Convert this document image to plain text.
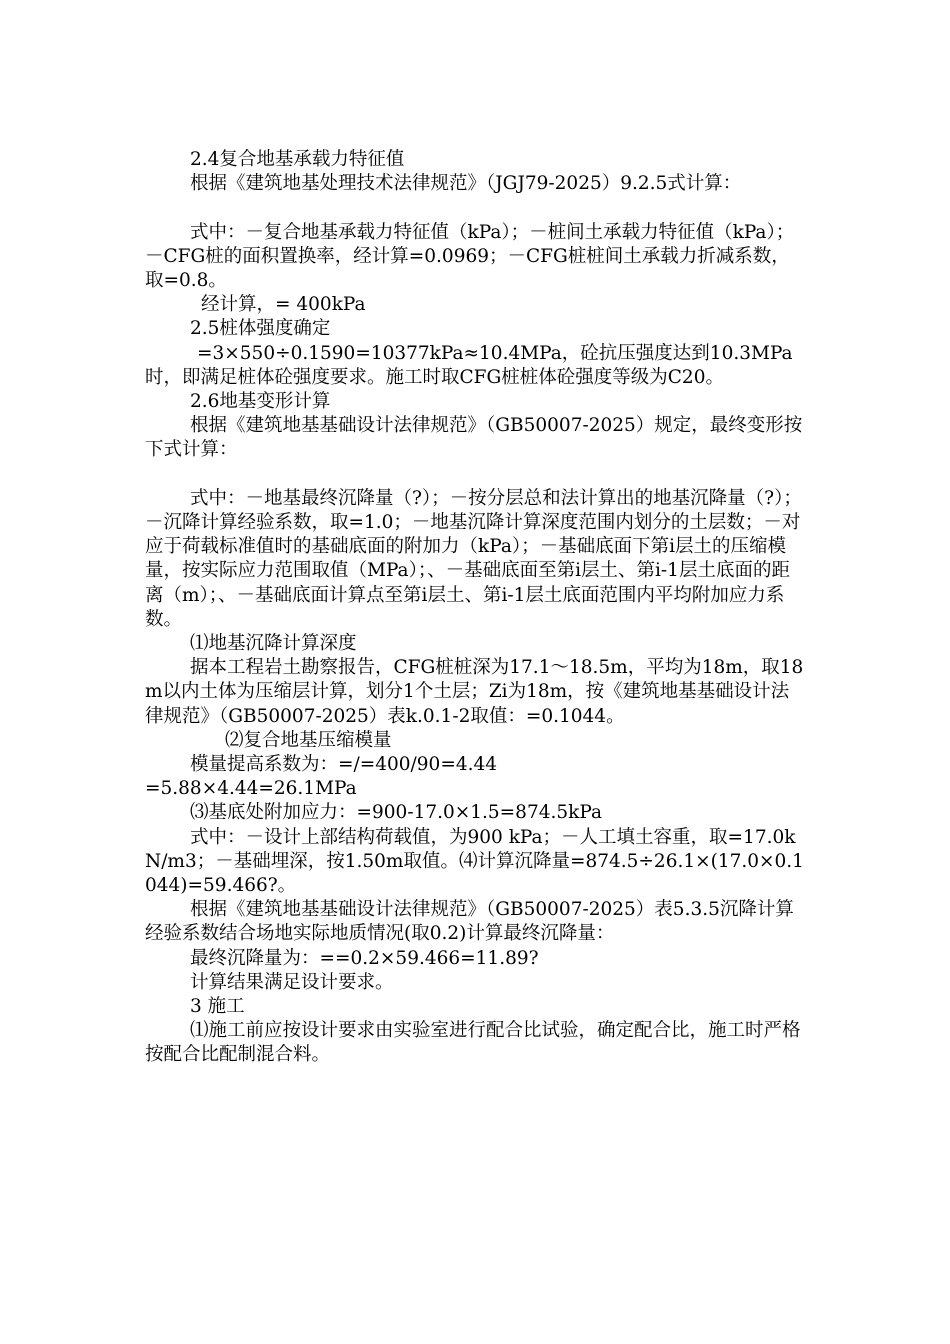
2.4复合地基承载力特征值

根据《建筑地基处理技术法律规范》（JGJ79-2025）9.2.5式计算：

式中：－复合地基承载力特征值（kPa）；－桩间土承载力特征值（kPa）； －CFG桩的面积置换率，经计算=0.0969；－CFG桩桩间土承载力折减系数，取=0.8。

经计算，= 400kPa

2.5桩体强度确定

=3×550÷0.1590=10377kPa≈10.4MPa，砼抗压强度达到10.3MPa时，即满足桩体砼强度要求。施工时取CFG桩桩体砼强度等级为C20。

2.6地基变形计算

根据《建筑地基基础设计法律规范》（GB50007-2025）规定，最终变形按下式计算：

式中：－地基最终沉降量（?）；－按分层总和法计算出的地基沉降量（?）；－沉降计算经验系数，取=1.0；－地基沉降计算深度范围内划分的土层数；－对应于荷载标准值时的基础底面的附加力（kPa）；－基础底面下第i层土的压缩模量，按实际应力范围取值（MPa）；、－基础底面至第i层土、第i-1层土底面的距离（m）；、－基础底面计算点至第i层土、第i-1层土底面范围内平均附加应力系数。

⑴地基沉降计算深度

据本工程岩土勘察报告，CFG桩桩深为17.1～18.5m，平均为18m，取18m以内土体为压缩层计算，划分1个土层；Zi为18m，按《建筑地基基础设计法律规范》（GB50007-2025）表k.0.1-2取值：=0.1044。

⑵复合地基压缩模量

模量提高系数为：=/=400/90=4.44

=5.88×4.44=26.1MPa

⑶基底处附加应力：=900-17.0×1.5=874.5kPa

式中：－设计上部结构荷载值，为900 kPa；－人工填土容重，取=17.0kN/m3；－基础埋深，按1.50m取值。⑷计算沉降量=874.5÷26.1×(17.0×0.1044)=59.466?。

根据《建筑地基基础设计法律规范》（GB50007-2025）表5.3.5沉降计算经验系数结合场地实际地质情况(取0.2)计算最终沉降量：

最终沉降量为：==0.2×59.466=11.89?

计算结果满足设计要求。

3 施工

⑴施工前应按设计要求由实验室进行配合比试验，确定配合比，施工时严格按配合比配制混合料。
